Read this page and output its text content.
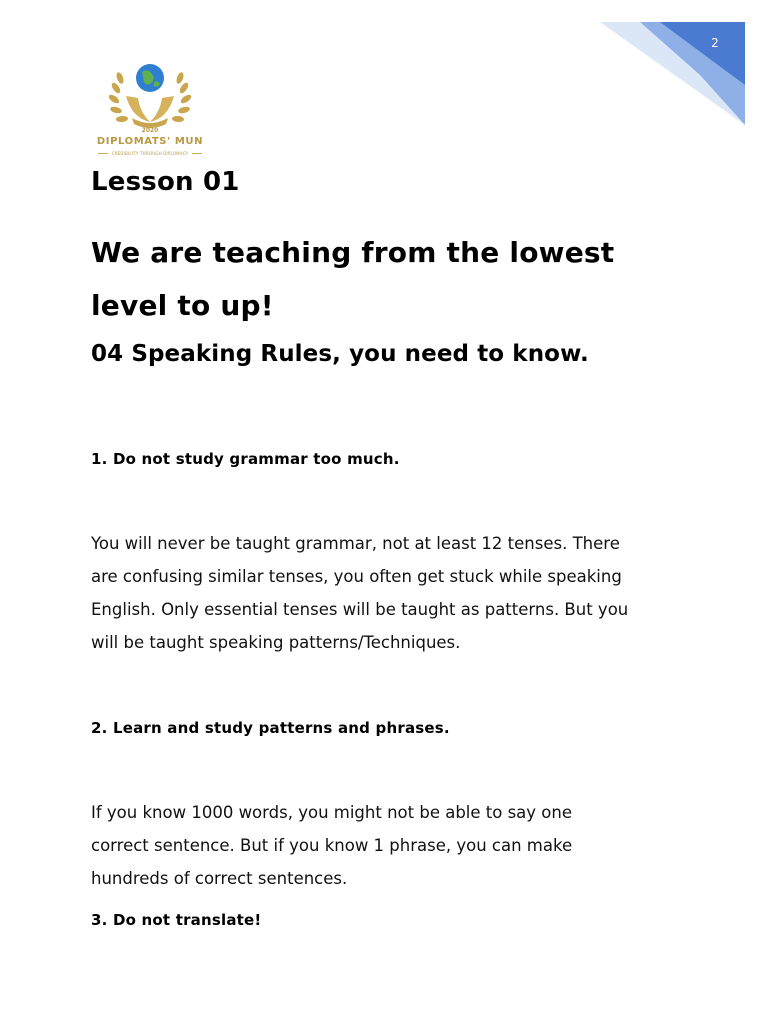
2
2020
DIPLOMATS' MUN
CREDIBILITY THROUGH DIPLOMACY
Lesson 01
We are teaching from the lowest
level to up!
04 Speaking Rules, you need to know.
1. Do not study grammar too much.

You will never be taught grammar, not at least 12 tenses. There
are confusing similar tenses, you often get stuck while speaking
English. Only essential tenses will be taught as patterns. But you
will be taught speaking patterns/Techniques.

2. Learn and study patterns and phrases.

If you know 1000 words, you might not be able to say one
correct sentence. But if you know 1 phrase, you can make
hundreds of correct sentences.

3. Do not translate!
